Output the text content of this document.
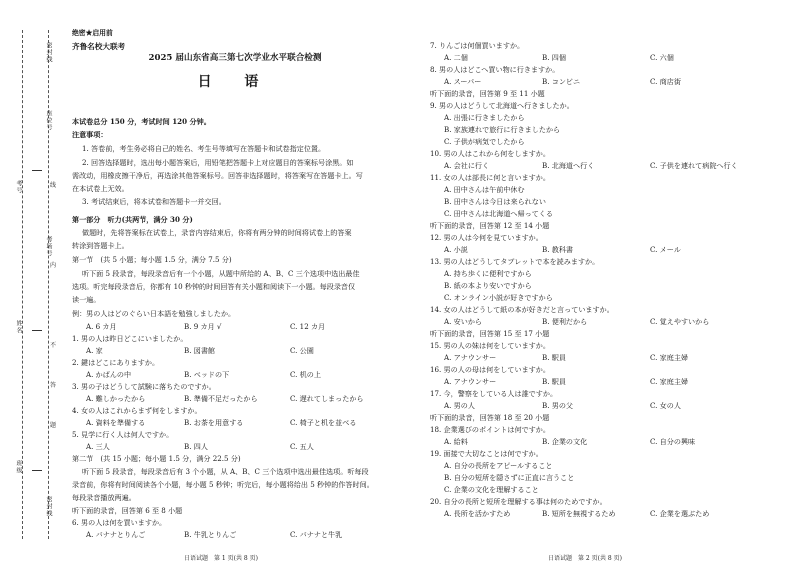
密封线
座位号
考号
考场号
姓名
班级
密封线
线
内
不
答
题
绝密★启用前
齐鲁名校大联考
2025 届山东省高三第七次学业水平联合检测
日 语
本试卷总分 150 分，考试时间 120 分钟。
注意事项：
1. 答卷前，考生务必将自己的姓名、考生号等填写在答题卡和试卷指定位置。
2. 回答选择题时，选出每小题答案后，用铅笔把答题卡上对应题目的答案标号涂黑。如
需改动，用橡皮擦干净后，再选涂其他答案标号。回答非选择题时，将答案写在答题卡上。写
在本试卷上无效。
3. 考试结束后，将本试卷和答题卡一并交回。
第一部分　听力(共两节，满分 30 分)
做题时，先将答案标在试卷上，录音内容结束后，你将有两分钟的时间将试卷上的答案
转涂到答题卡上。
第一节　(共 5 小题；每小题 1.5 分，满分 7.5 分)
听下面 5 段录音，每段录音后有一个小题，从题中所给的 A、B、C 三个选项中选出最佳
选项。听完每段录音后，你都有 10 秒钟的时间回答有关小题和阅读下一小题。每段录音仅
读一遍。
例：男の人はどのぐらい日本語を勉強しましたか。
A. 6 カ月	B. 9 カ月 √	C. 12 カ月
1. 男の人は昨日どこにいましたか。
A. 家	B. 図書館	C. 公園
2. 鍵はどこにありますか。
A. かばんの中	B. ベッドの下	C. 机の上
3. 男の子はどうして試験に落ちたのですか。
A. 難しかったから	B. 準備不足だったから	C. 遅れてしまったから
4. 女の人はこれからまず何をしますか。
A. 資料を準備する	B. お茶を用意する	C. 椅子と机を並べる
5. 見学に行く人は何人ですか。
A. 三人	B. 四人	C. 五人
第二节　(共 15 小题；每小题 1.5 分，满分 22.5 分)
听下面 5 段录音，每段录音后有 3 个小题，从 A、B、C 三个选项中选出最佳选项。听每段
录音前，你将有时间阅读各个小题，每小题 5 秒钟；听完后，每小题将给出 5 秒钟的作答时间。
每段录音播放两遍。
听下面的录音，回答第 6 至 8 小题
6. 男の人は何を買いますか。
A. バナナとりんご	B. 牛乳とりんご	C. バナナと牛乳
日语试题　第 1 页(共 8 页)
7. りんごは何個買いますか。
A. 二個	B. 四個	C. 六個
8. 男の人はどこへ買い物に行きますか。
A. スーパー	B. コンビニ	C. 商店街
听下面的录音，回答第 9 至 11 小题
9. 男の人はどうして北海道へ行きましたか。
A. 出張に行きましたから
B. 家族連れで旅行に行きましたから
C. 子供が病気でしたから
10. 男の人はこれから何をしますか。
A. 会社に行く	B. 北海道へ行く	C. 子供を連れて病院へ行く
11. 女の人は部長に何と言いますか。
A. 田中さんは午前中休む
B. 田中さんは今日は来られない
C. 田中さんは北海道へ帰ってくる
听下面的录音，回答第 12 至 14 小题
12. 男の人は今何を見ていますか。
A. 小説	B. 教科書	C. メール
13. 男の人はどうしてタブレットで本を読みますか。
A. 持ち歩くに便利ですから
B. 紙の本より安いですから
C. オンライン小説が好きですから
14. 女の人はどうして紙の本が好きだと言っていますか。
A. 安いから	B. 便利だから	C. 覚えやすいから
听下面的录音，回答第 15 至 17 小题
15. 男の人の妹は何をしていますか。
A. アナウンサー	B. 駅員	C. 家庭主婦
16. 男の人の母は何をしていますか。
A. アナウンサー	B. 駅員	C. 家庭主婦
17. 今，警察をしている人は誰ですか。
A. 男の人	B. 男の父	C. 女の人
听下面的录音，回答第 18 至 20 小题
18. 企業選びのポイントは何ですか。
A. 給料	B. 企業の文化	C. 自分の興味
19. 面接で大切なことは何ですか。
A. 自分の長所をアピールすること
B. 自分の短所を隠さずに正直に言うこと
C. 企業の文化を理解すること
20. 自分の長所と短所を理解する事は何のためですか。
A. 長所を活かすため	B. 短所を無視するため	C. 企業を選ぶため
日语试题　第 2 页(共 8 页)
